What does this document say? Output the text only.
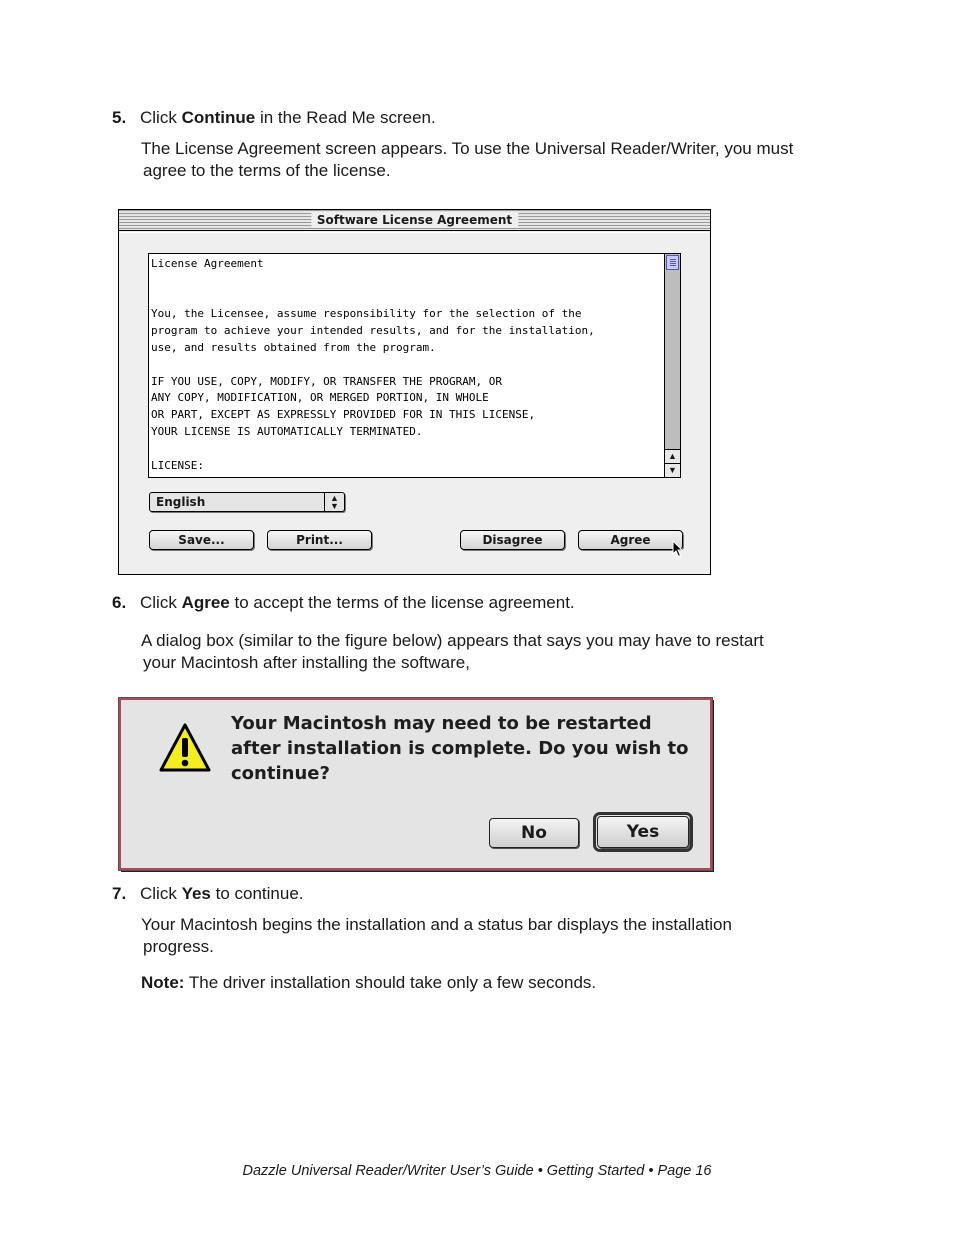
5. Click Continue in the Read Me screen.
The License Agreement screen appears. To use the Universal Reader/Writer, you must

agree to the terms of the license.
Software License Agreement
License Agreement

You, the Licensee, assume responsibility for the selection of the
program to achieve your intended results, and for the installation,
use, and results obtained from the program.

IF YOU USE, COPY, MODIFY, OR TRANSFER THE PROGRAM, OR
ANY COPY, MODIFICATION, OR MERGED PORTION, IN WHOLE
OR PART, EXCEPT AS EXPRESSLY PROVIDED FOR IN THIS LICENSE,
YOUR LICENSE IS AUTOMATICALLY TERMINATED.

LICENSE:
▲
▼
English	▲
▼
Save...	Print...	Disagree	Agree
6. Click Agree to accept the terms of the license agreement.
A dialog box (similar to the figure below) appears that says you may have to restart

your Macintosh after installing the software,
Your Macintosh may need to be restarted after installation is complete. Do you wish to continue?
No	Yes
7. Click Yes to continue.
Your Macintosh begins the installation and a status bar displays the installation

progress.
Note: The driver installation should take only a few seconds.
Dazzle Universal Reader/Writer User’s Guide • Getting Started • Page 16
